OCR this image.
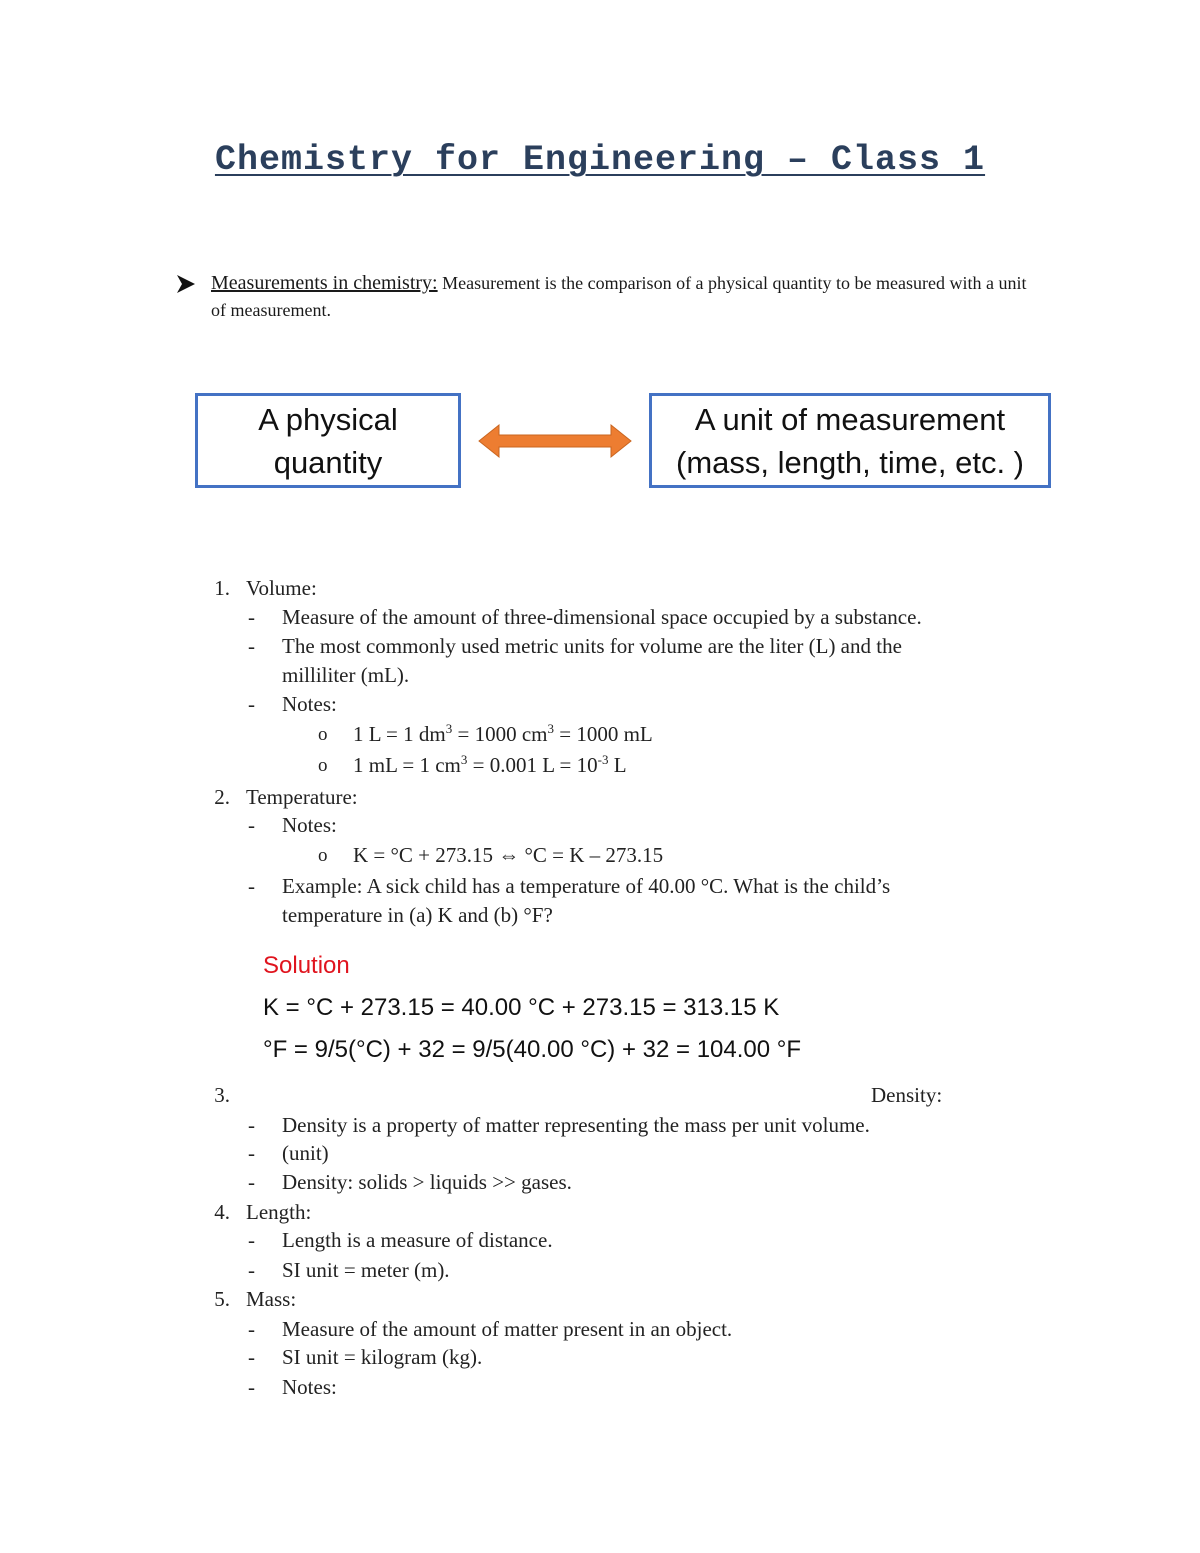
Chemistry for Engineering – Class 1
Measurements in chemistry: Measurement is the comparison of a physical quantity to be measured with a unit of measurement.
A physical
quantity
A unit of measurement
(mass, length, time, etc. )
1. Volume:
-	Measure of the amount of three-dimensional space occupied by a substance.
-	The most commonly used metric units for volume are the liter (L) and the
milliliter (mL).
-	Notes:
o 1 L = 1 $dm^3 = 1000$ $cm^3 = 1000$ mL
o 1 mL = 1 $cm^3 = 0.001$ $L = 10^{-3}$ L
2. Temperature:
-	Notes:
o K = °C + 273.15 ⇔ °C = K – 273.15
-	Example: A sick child has a temperature of 40.00 °C. What is the child’s
temperature in (a) K and (b) °F?
Solution
K = °C + 273.15 = 40.00 °C + 273.15 = 313.15 K
°F = 9/5(°C) + 32 = 9/5(40.00 °C) + 32 = 104.00 °F
3.	Density:
-	Density is a property of matter representing the mass per unit volume.
-	(unit)
-	Density: solids > liquids >> gases.
4. Length:
-	Length is a measure of distance.
-	SI unit = meter (m).
5. Mass:
-	Measure of the amount of matter present in an object.
-	SI unit = kilogram (kg).
-	Notes:
